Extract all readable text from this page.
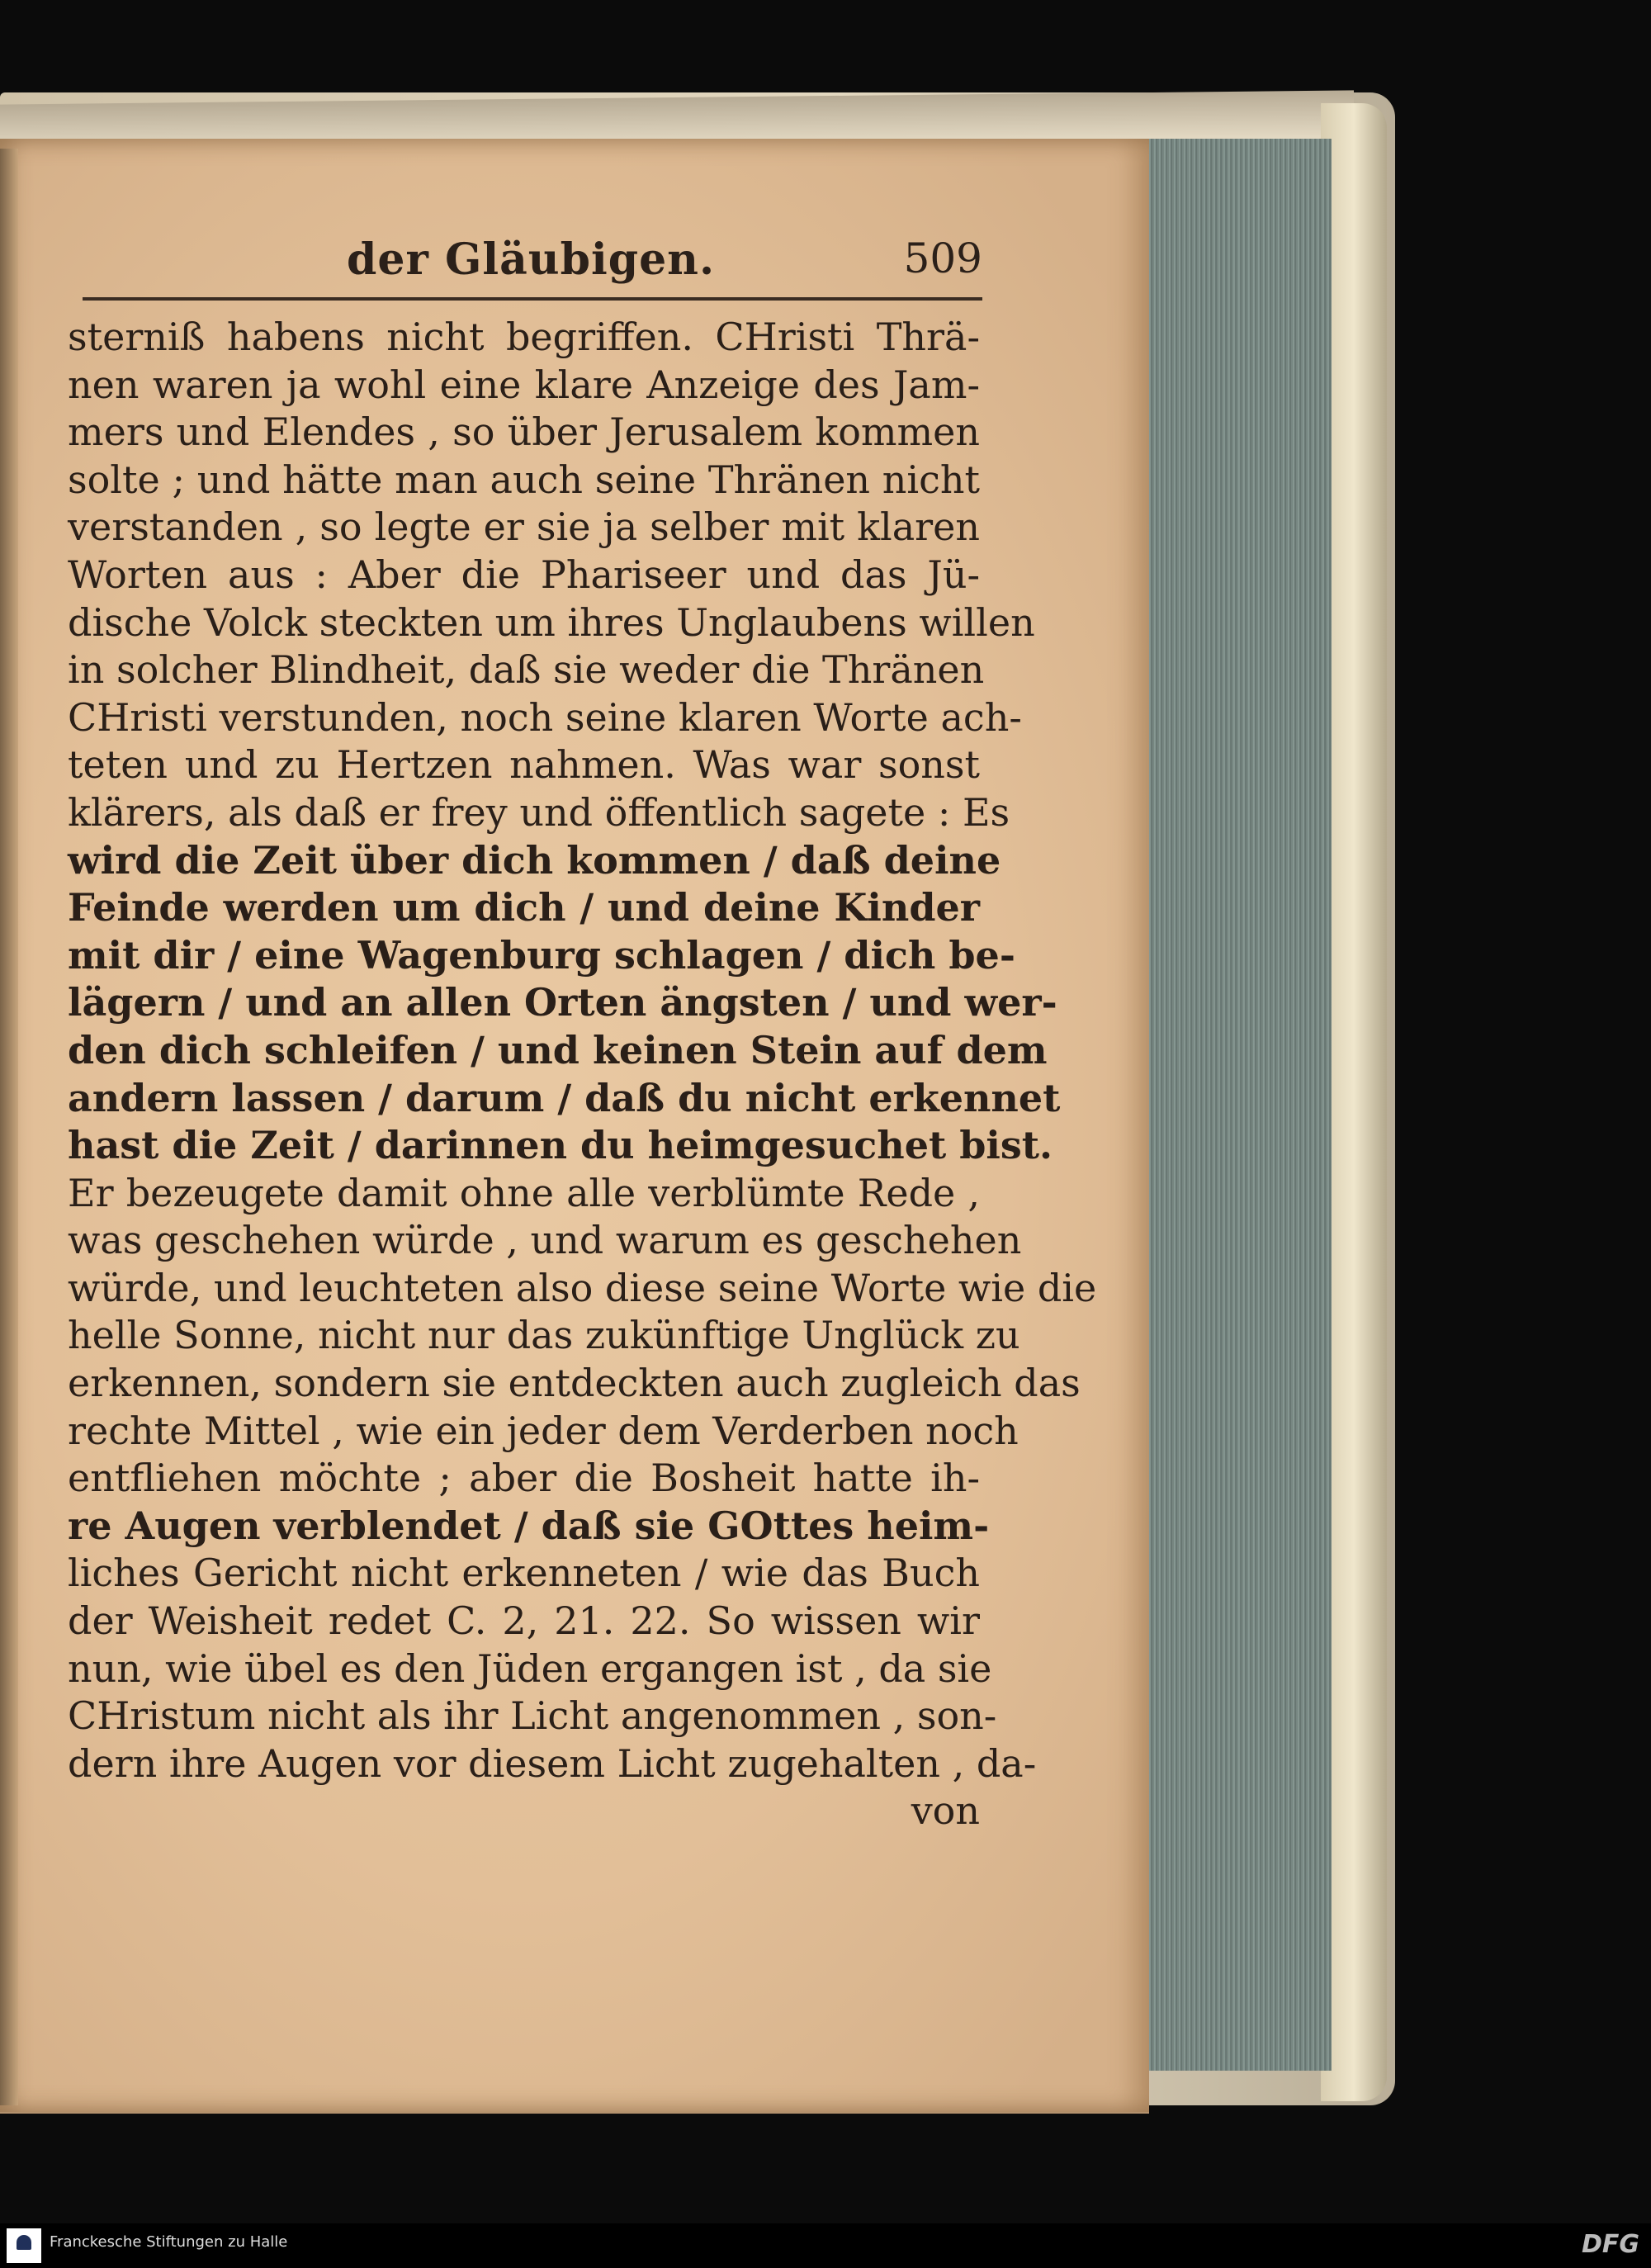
der Gläubigen.	509
sterniß habens nicht begriffen. CHristi Thrä-
nen waren ja wohl eine klare Anzeige des Jam-
mers und Elendes , so über Jerusalem kommen
solte ; und hätte man auch seine Thränen nicht
verstanden , so legte er sie ja selber mit klaren
Worten aus : Aber die Phariseer und das Jü-
dische Volck steckten um ihres Unglaubens willen
in solcher Blindheit, daß sie weder die Thränen
CHristi verstunden, noch seine klaren Worte ach-
teten und zu Hertzen nahmen. Was war sonst
klärers, als daß er frey und öffentlich sagete : Es
wird die Zeit über dich kommen / daß deine
Feinde werden um dich / und deine Kinder
mit dir / eine Wagenburg schlagen / dich be-
lägern / und an allen Orten ängsten / und wer-
den dich schleifen / und keinen Stein auf dem
andern lassen / darum / daß du nicht erkennet
hast die Zeit / darinnen du heimgesuchet bist.
Er bezeugete damit ohne alle verblümte Rede ,
was geschehen würde , und warum es geschehen
würde, und leuchteten also diese seine Worte wie die
helle Sonne, nicht nur das zukünftige Unglück zu
erkennen, sondern sie entdeckten auch zugleich das
rechte Mittel , wie ein jeder dem Verderben noch
entfliehen möchte ; aber die Bosheit hatte ih-
re Augen verblendet / daß sie GOttes heim-
liches Gericht nicht erkenneten / wie das Buch
der Weisheit redet C. 2, 21. 22. So wissen wir
nun, wie übel es den Jüden ergangen ist , da sie
CHristum nicht als ihr Licht angenommen , son-
dern ihre Augen vor diesem Licht zugehalten , da-
von
Franckesche Stiftungen zu Halle	DFG
